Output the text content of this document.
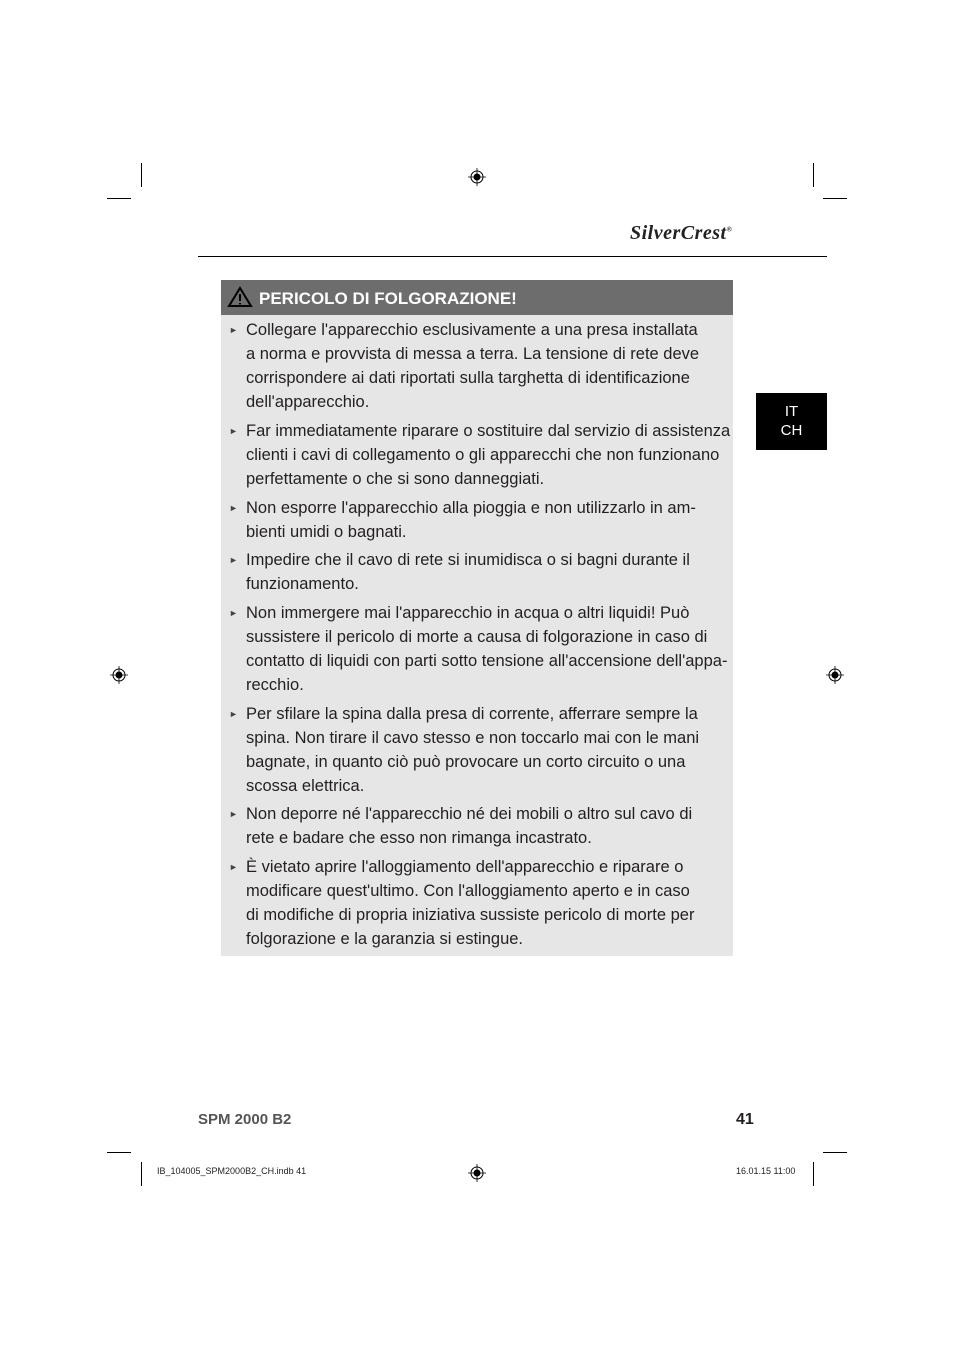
SilverCrest®
PERICOLO DI FOLGORAZIONE!
► Collegare l'apparecchio esclusivamente a una presa installata
a norma e provvista di messa a terra. La tensione di rete deve
corrispondere ai dati riportati sulla targhetta di identificazione
dell'apparecchio.
► Far immediatamente riparare o sostituire dal servizio di assistenza
clienti i cavi di collegamento o gli apparecchi che non funzionano
perfettamente o che si sono danneggiati.
► Non esporre l'apparecchio alla pioggia e non utilizzarlo in am-
bienti umidi o bagnati.
► Impedire che il cavo di rete si inumidisca o si bagni durante il
funzionamento.
► Non immergere mai l'apparecchio in acqua o altri liquidi! Può
sussistere il pericolo di morte a causa di folgorazione in caso di
contatto di liquidi con parti sotto tensione all'accensione dell'appa-
recchio.
► Per sfilare la spina dalla presa di corrente, afferrare sempre la
spina. Non tirare il cavo stesso e non toccarlo mai con le mani
bagnate, in quanto ciò può provocare un corto circuito o una
scossa elettrica.
► Non deporre né l'apparecchio né dei mobili o altro sul cavo di
rete e badare che esso non rimanga incastrato.
► È vietato aprire l'alloggiamento dell'apparecchio e riparare o
modificare quest'ultimo. Con l'alloggiamento aperto e in caso
di modifiche di propria iniziativa sussiste pericolo di morte per
folgorazione e la garanzia si estingue.
IT
CH
SPM 2000 B2	41
IB_104005_SPM2000B2_CH.indb 41	16.01.15 11:00
